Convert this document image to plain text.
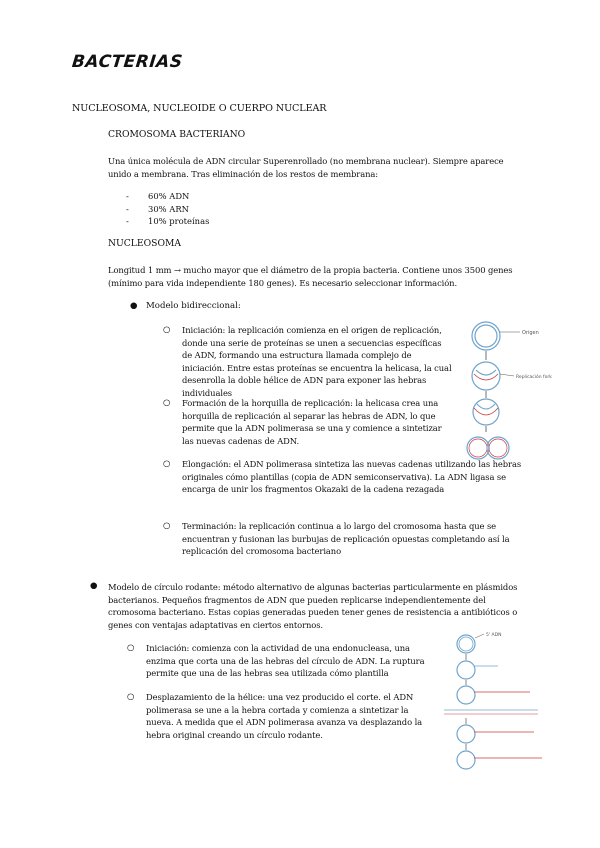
BACTERIAS
NUCLEOSOMA, NUCLEOIDE O CUERPO NUCLEAR
CROMOSOMA BACTERIANO
Una única molécula de ADN circular Superenrollado (no membrana nuclear). Siempre aparece unido a membrana. Tras eliminación de los restos de membrana:
- 60% ADN
- 30% ARN
- 10% proteínas
NUCLEOSOMA
Longitud 1 mm → mucho mayor que el diámetro de la propia bacteria. Contiene unos 3500 genes (mínimo para vida independiente 180 genes). Es necesario seleccionar información.
● Modelo bidireccional:
○ Iniciación: la replicación comienza en el origen de replicación, donde una serie de proteínas se unen a secuencias específicas de ADN, formando una estructura llamada complejo de iniciación. Entre estas proteínas se encuentra la helicasa, la cual desenrolla la doble hélice de ADN para exponer las hebras individuales
○ Formación de la horquilla de replicación: la helicasa crea una horquilla de replicación al separar las hebras de ADN, lo que permite que la ADN polimerasa se una y comience a sintetizar las nuevas cadenas de ADN.
○ Elongación: el ADN polimerasa sintetiza las nuevas cadenas utilizando las hebras originales cómo plantillas (copia de ADN semiconservativa). La ADN ligasa se encarga de unir los fragmentos Okazaki de la cadena rezagada
○ Terminación: la replicación continua a lo largo del cromosoma hasta que se encuentran y fusionan las burbujas de replicación opuestas completando así la replicación del cromosoma bacteriano
Origen
Replicación fork
● Modelo de círculo rodante: método alternativo de algunas bacterias particularmente en plásmidos bacterianos. Pequeños fragmentos de ADN que pueden replicarse independientemente del cromosoma bacteriano. Estas copias generadas pueden tener genes de resistencia a antibióticos o genes con ventajas adaptativas en ciertos entornos.
○ Iniciación: comienza con la actividad de una endonucleasa, una enzima que corta una de las hebras del círculo de ADN. La ruptura permite que una de las hebras sea utilizada cómo plantilla
○ Desplazamiento de la hélice: una vez producido el corte. el ADN polimerasa se une a la hebra cortada y comienza a sintetizar la nueva. A medida que el ADN polimerasa avanza va desplazando la hebra original creando un círculo rodante.
5' ADN
